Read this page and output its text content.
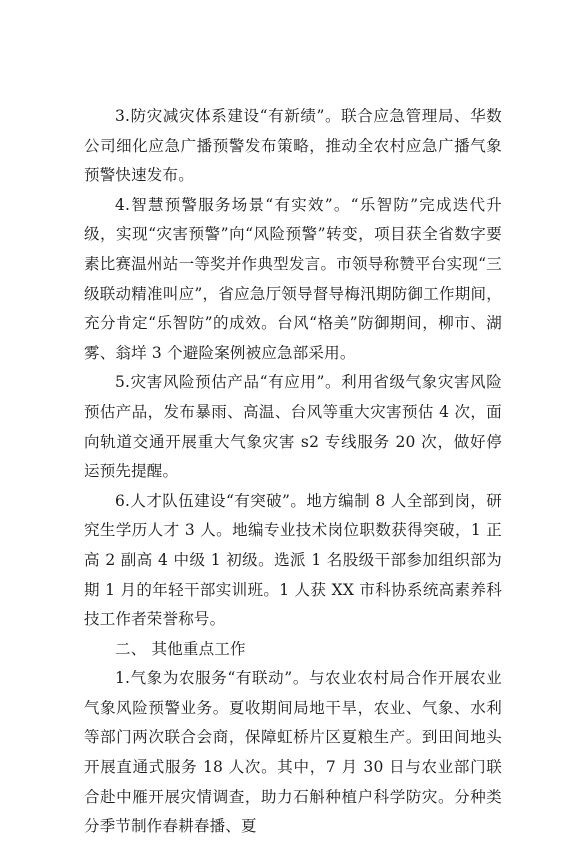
3.防灾减灾体系建设“有新绩”。联合应急管理局、华数公司细化应急广播预警发布策略，推动全农村应急广播气象预警快速发布。

4.智慧预警服务场景“有实效”。“乐智防”完成迭代升级，实现“灾害预警”向“风险预警”转变，项目获全省数字要素比赛温州站一等奖并作典型发言。市领导称赞平台实现“三级联动精准叫应”，省应急厅领导督导梅汛期防御工作期间，充分肯定“乐智防”的成效。台风“格美”防御期间，柳市、湖雾、翁垟 3 个避险案例被应急部采用。

5.灾害风险预估产品“有应用”。利用省级气象灾害风险预估产品，发布暴雨、高温、台风等重大灾害预估 4 次，面向轨道交通开展重大气象灾害 s2 专线服务 20 次，做好停运预先提醒。

6.人才队伍建设“有突破”。地方编制 8 人全部到岗，研究生学历人才 3 人。地编专业技术岗位职数获得突破，1 正高 2 副高 4 中级 1 初级。选派 1 名股级干部参加组织部为期 1 月的年轻干部实训班。1 人获 XX 市科协系统高素养科技工作者荣誉称号。

二、 其他重点工作

1.气象为农服务“有联动”。与农业农村局合作开展农业气象风险预警业务。夏收期间局地干旱，农业、气象、水利等部门两次联合会商，保障虹桥片区夏粮生产。到田间地头开展直通式服务 18 人次。其中，7 月 30 日与农业部门联合赴中雁开展灾情调查，助力石斛种植户科学防灾。分种类分季节制作春耕春播、夏
